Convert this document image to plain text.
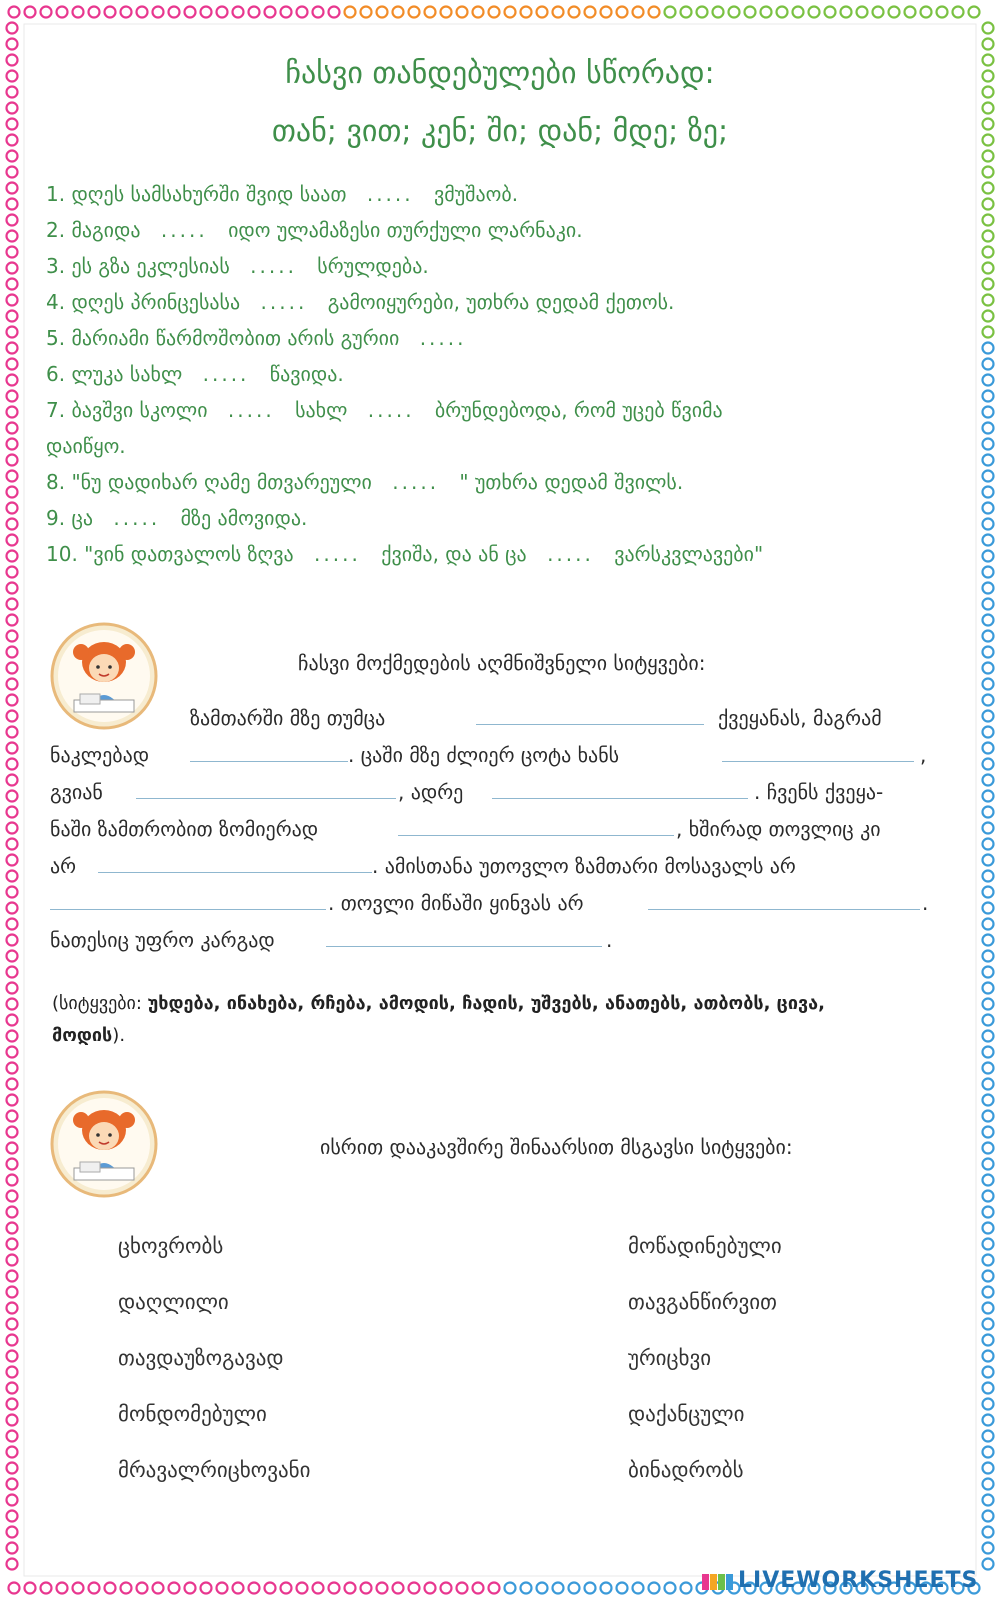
ჩასვი თანდებულები სწორად:
თან; ვით; კენ; ში; დან; მდე; ზე;
1. დღეს სამსახურში შვიდ საათ ..... ვმუშაობ.
2. მაგიდა ..... იდო ულამაზესი თურქული ლარნაკი.
3. ეს გზა ეკლესიას ..... სრულდება.
4. დღეს პრინცესასა ..... გამოიყურები, უთხრა დედამ ქეთოს.
5. მარიამი წარმოშობით არის გურიი .....
6. ლუკა სახლ ..... წავიდა.
7. ბავშვი სკოლი ..... სახლ ..... ბრუნდებოდა, რომ უცებ წვიმა
დაიწყო.
8. "ნუ დადიხარ ღამე მთვარეული ..... " უთხრა დედამ შვილს.
9. ცა ..... მზე ამოვიდა.
10. "ვინ დათვალოს ზღვა ..... ქვიშა, და ან ცა ..... ვარსკვლავები"
ჩასვი მოქმედების აღმნიშვნელი სიტყვები:
ზამთარში მზე თუმცა	ქვეყანას, მაგრამ
ნაკლებად	. ცაში მზე ძლიერ ცოტა ხანს	,
გვიან	, ადრე	. ჩვენს ქვეყა-
ნაში ზამთრობით ზომიერად	, ხშირად თოვლიც კი
არ	. ამისთანა უთოვლო ზამთარი მოსავალს არ
. თოვლი მიწაში ყინვას არ	.
ნათესიც უფრო კარგად	.
(სიტყვები: უხდება, ინახება, რჩება, ამოდის, ჩადის, უშვებს, ანათებს, ათბობს, ცივა,
მოდის).
ისრით დააკავშირე შინაარსით მსგავსი სიტყვები:
ცხოვრობს
დაღლილი
თავდაუზოგავად
მონდომებული
მრავალრიცხოვანი
მოწადინებული
თავგანწირვით
ურიცხვი
დაქანცული
ბინადრობს
LIVEWORKSHEETS
